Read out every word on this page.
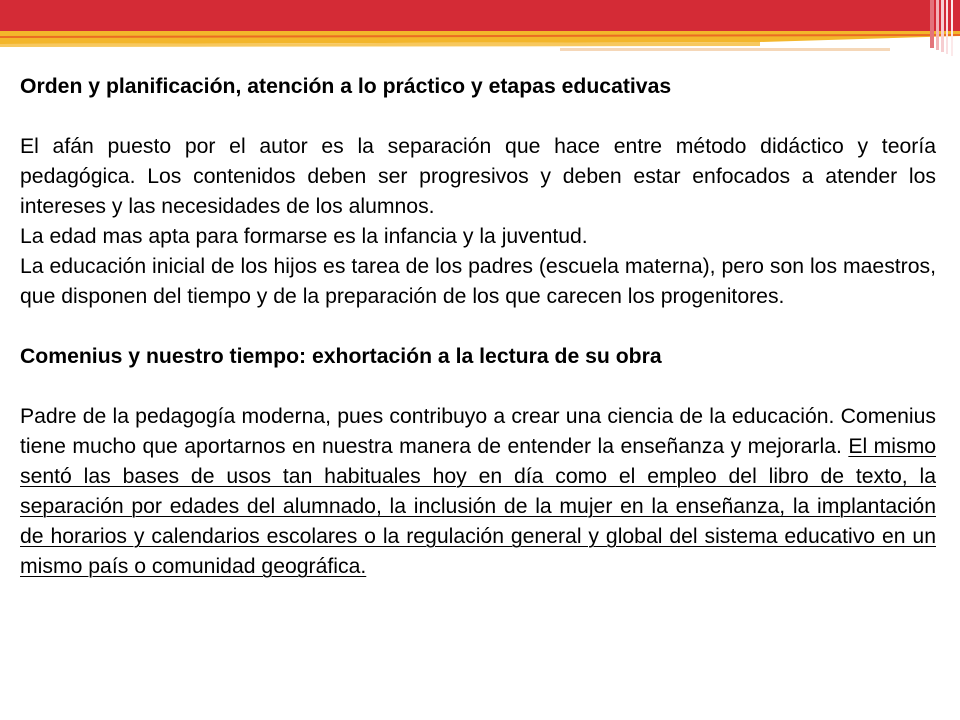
Orden y planificación, atención a lo práctico y etapas educativas

El afán puesto por el autor es la separación que hace entre método didáctico y teoría pedagógica. Los contenidos deben ser progresivos y deben estar enfocados a atender los intereses y las necesidades de los alumnos.

La edad mas apta para formarse es la infancia y la juventud.

La educación inicial de los hijos es tarea de los padres (escuela materna), pero son los maestros, que disponen del tiempo y de la preparación de los que carecen los progenitores.

Comenius y nuestro tiempo: exhortación a la lectura de su obra

Padre de la pedagogía moderna, pues contribuyo a crear una ciencia de la educación. Comenius tiene mucho que aportarnos en nuestra manera de entender la enseñanza y mejorarla. El mismo sentó las bases de usos tan habituales hoy en día como el empleo del libro de texto, la separación por edades del alumnado, la inclusión de la mujer en la enseñanza, la implantación de horarios y calendarios escolares o la regulación general y global del sistema educativo en un mismo país o comunidad geográfica.
